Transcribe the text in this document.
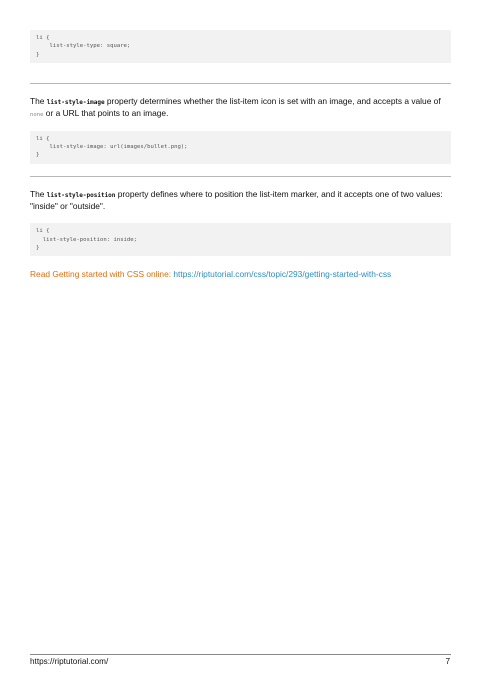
li {
list-style-type: square;
}

The list-style-image property determines whether the list-item icon is set with an image, and accepts a value of none or a URL that points to an image.

li {
list-style-image: url(images/bullet.png);
}

The list-style-position property defines where to position the list-item marker, and it accepts one of two values: "inside" or "outside".

li {
list-style-position: inside;
}
Read Getting started with CSS online: https://riptutorial.com/css/topic/293/getting-started-with-css
https://riptutorial.com/	7
